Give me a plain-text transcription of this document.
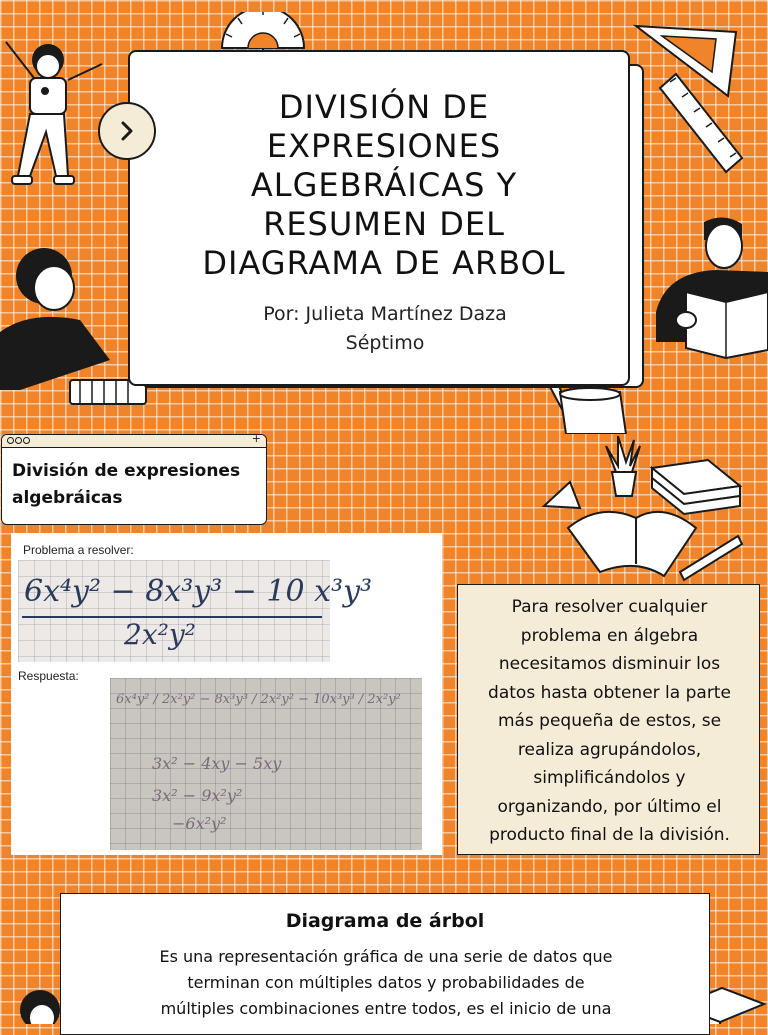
DIVISIÓN DE
EXPRESIONES
ALGEBRÁICAS Y
RESUMEN DEL
DIAGRAMA DE ARBOL
Por: Julieta Martínez Daza
Séptimo
+
División de expresiones
algebráicas
Problema a resolver:
6x⁴y² − 8x³y³ − 10 x³y³
2x²y²
Respuesta:
6x⁴y² / 2x²y² − 8x³y³ / 2x²y² − 10x³y³ / 2x²y²
3x² − 4xy − 5xy
3x² − 9x²y²
−6x²y²
Para resolver cualquier
problema en álgebra
necesitamos disminuir los
datos hasta obtener la parte
más pequeña de estos, se
realiza agrupándolos,
simplificándolos y
organizando, por último el
producto final de la división.
Diagrama de árbol
Es una representación gráfica de una serie de datos que
terminan con múltiples datos y probabilidades de
múltiples combinaciones entre todos, es el inicio de una
